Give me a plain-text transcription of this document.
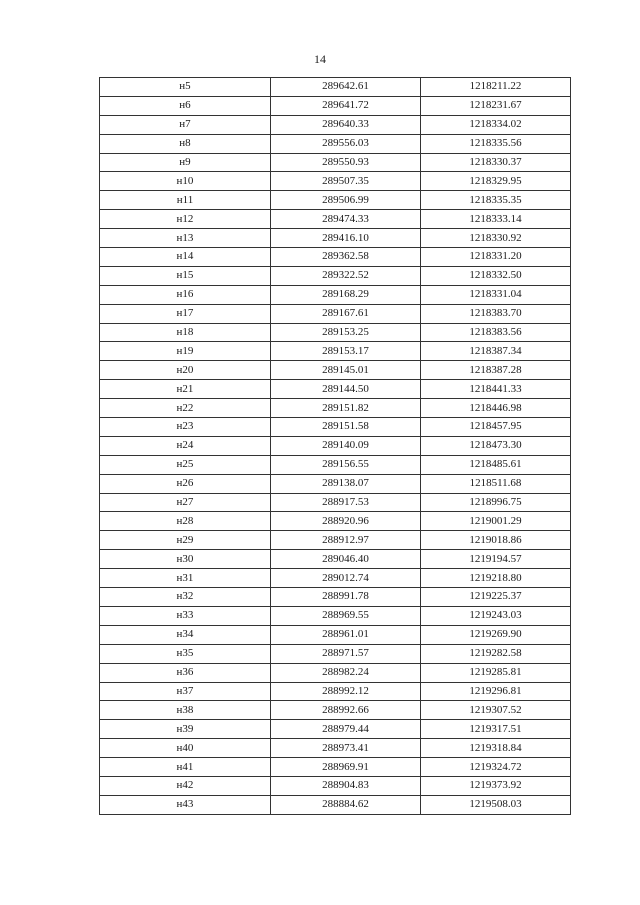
14
н5	289642.61	1218211.22
н6	289641.72	1218231.67
н7	289640.33	1218334.02
н8	289556.03	1218335.56
н9	289550.93	1218330.37
н10	289507.35	1218329.95
н11	289506.99	1218335.35
н12	289474.33	1218333.14
н13	289416.10	1218330.92
н14	289362.58	1218331.20
н15	289322.52	1218332.50
н16	289168.29	1218331.04
н17	289167.61	1218383.70
н18	289153.25	1218383.56
н19	289153.17	1218387.34
н20	289145.01	1218387.28
н21	289144.50	1218441.33
н22	289151.82	1218446.98
н23	289151.58	1218457.95
н24	289140.09	1218473.30
н25	289156.55	1218485.61
н26	289138.07	1218511.68
н27	288917.53	1218996.75
н28	288920.96	1219001.29
н29	288912.97	1219018.86
н30	289046.40	1219194.57
н31	289012.74	1219218.80
н32	288991.78	1219225.37
н33	288969.55	1219243.03
н34	288961.01	1219269.90
н35	288971.57	1219282.58
н36	288982.24	1219285.81
н37	288992.12	1219296.81
н38	288992.66	1219307.52
н39	288979.44	1219317.51
н40	288973.41	1219318.84
н41	288969.91	1219324.72
н42	288904.83	1219373.92
н43	288884.62	1219508.03
